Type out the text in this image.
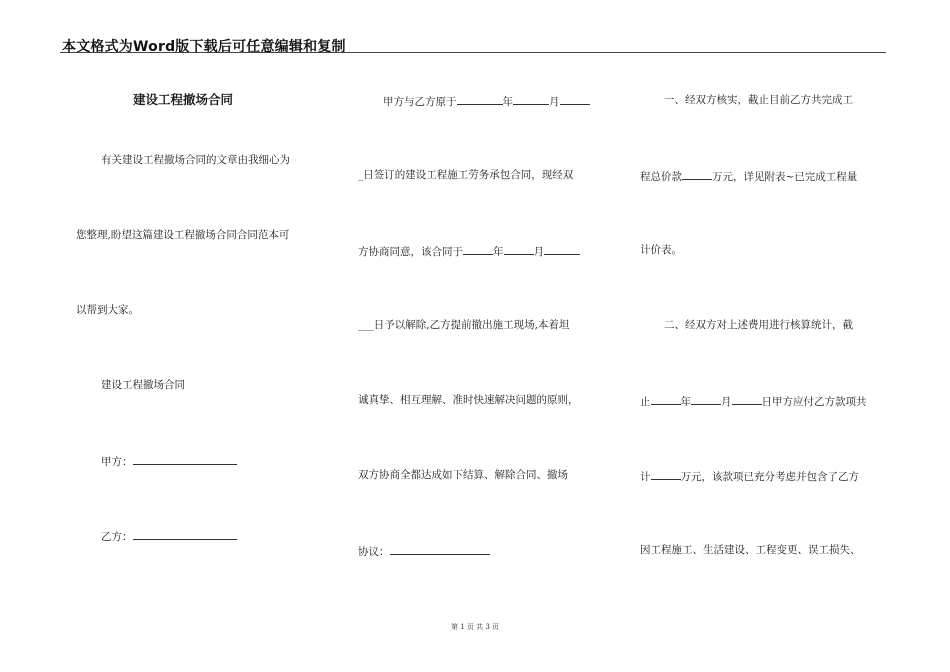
本文格式为Word版下载后可任意编辑和复制
建设工程撤场合同
有关建设工程撤场合同的文章由我细心为
您整理,盼望这篇建设工程撤场合同合同范本可
以帮到大家。
建设工程撤场合同
甲方：
乙方：
甲方与乙方原于	年	月
_日签订的建设工程施工劳务承包合同，现经双
方协商同意，该合同于	年	月
___日予以解除,乙方提前撤出施工现场,本着坦
诚真挚、相互理解、准时快速解决问题的原则，
双方协商全都达成如下结算、解除合同、撤场
协议：
一、经双方核实，截止目前乙方共完成工
程总价款	万元，详见附表~已完成工程量
计价表。
二、经双方对上述费用进行核算统计，截
止	年	月	日甲方应付乙方款项共
计	万元，该款项已充分考虑并包含了乙方
因工程施工、生活建设、工程变更、误工损失、
第 1 页 共 3 页
